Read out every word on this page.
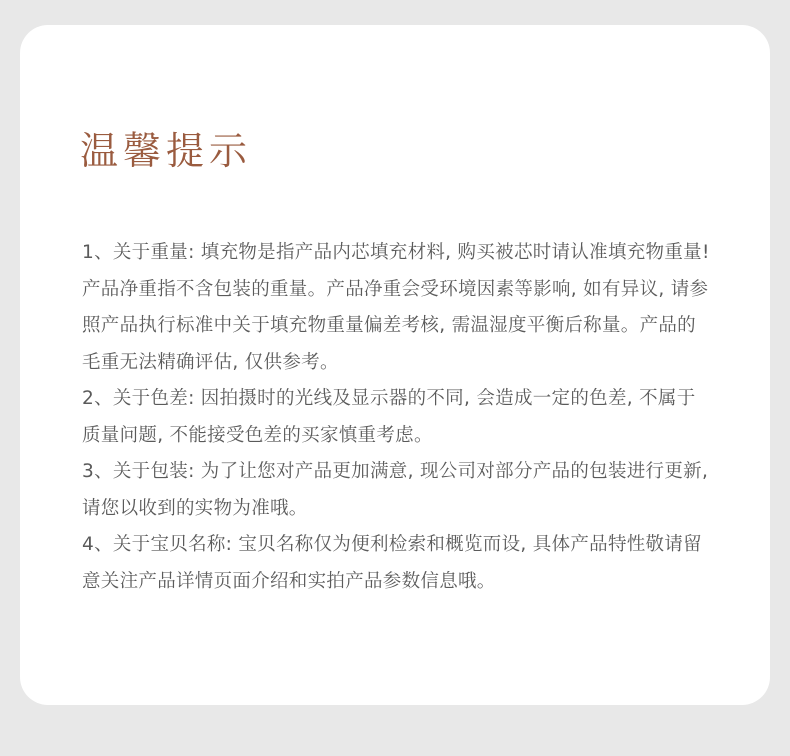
温馨提示

1、关于重量: 填充物是指产品内芯填充材料, 购买被芯时请认准填充物重量!产品净重指不含包装的重量。产品净重会受环境因素等影响, 如有异议, 请参照产品执行标准中关于填充物重量偏差考核, 需温湿度平衡后称量。产品的毛重无法精确评估, 仅供参考。

2、关于色差: 因拍摄时的光线及显示器的不同, 会造成一定的色差, 不属于质量问题, 不能接受色差的买家慎重考虑。

3、关于包装: 为了让您对产品更加满意, 现公司对部分产品的包装进行更新, 请您以收到的实物为准哦。

4、关于宝贝名称: 宝贝名称仅为便利检索和概览而设, 具体产品特性敬请留意关注产品详情页面介绍和实拍产品参数信息哦。
